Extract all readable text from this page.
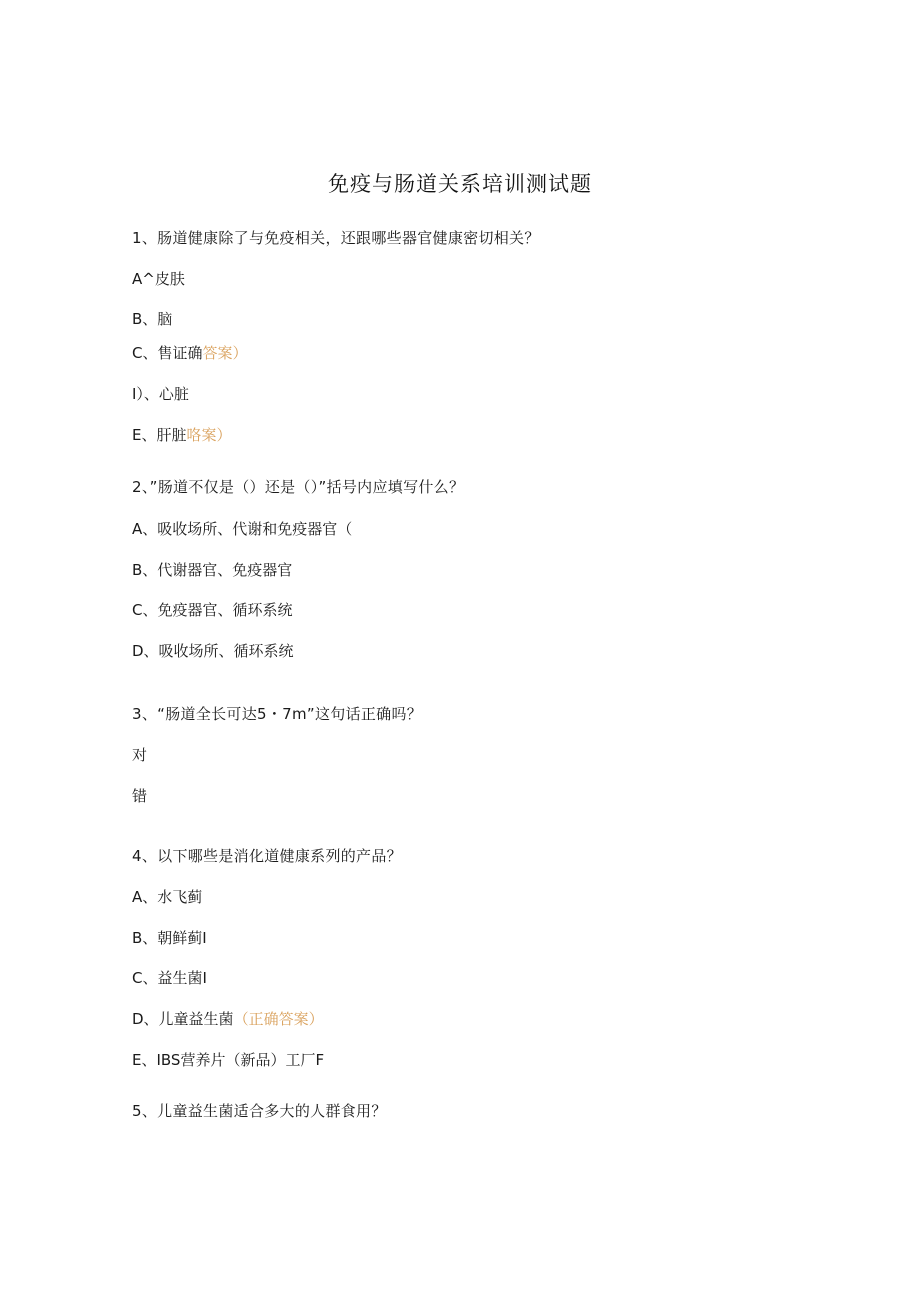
免疫与肠道关系培训测试题
1、肠道健康除了与免疫相关，还跟哪些器官健康密切相关？
A^皮肤
B、脑
C、售证确答案）
I）、心脏
E、肝脏咯案）
2、”肠道不仅是（）还是（）”括号内应填写什么？
A、吸收场所、代谢和免疫器官（
B、代谢器官、免疫器官
C、免疫器官、循环系统
D、吸收场所、循环系统
3、“肠道全长可达5・7m”这句话正确吗？
对
错
4、以下哪些是消化道健康系列的产品？
A、水飞蓟
B、朝鲜蓟I
C、益生菌I
D、儿童益生菌（正确答案）
E、IBS营养片（新品）工厂F
5、儿童益生菌适合多大的人群食用？
